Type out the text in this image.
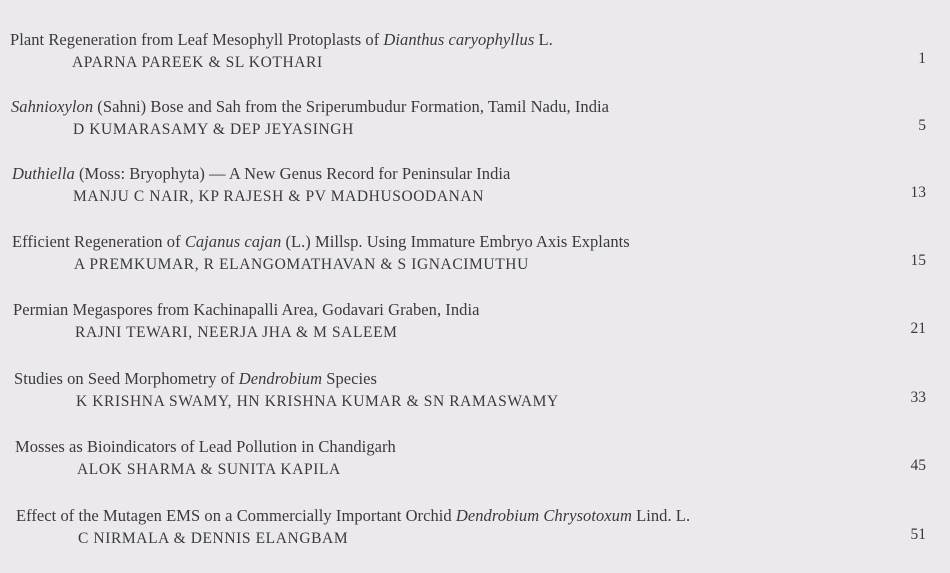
Plant Regeneration from Leaf Mesophyll Protoplasts of Dianthus caryophyllus L.
APARNA PAREEK & SL KOTHARI	1
Sahnioxylon (Sahni) Bose and Sah from the Sriperumbudur Formation, Tamil Nadu, India
D KUMARASAMY & DEP JEYASINGH	5
Duthiella (Moss: Bryophyta) — A New Genus Record for Peninsular India
MANJU C NAIR, KP RAJESH & PV MADHUSOODANAN	13
Efficient Regeneration of Cajanus cajan (L.) Millsp. Using Immature Embryo Axis Explants
A PREMKUMAR, R ELANGOMATHAVAN & S IGNACIMUTHU	15
Permian Megaspores from Kachinapalli Area, Godavari Graben, India
RAJNI TEWARI, NEERJA JHA & M SALEEM	21
Studies on Seed Morphometry of Dendrobium Species
K KRISHNA SWAMY, HN KRISHNA KUMAR & SN RAMASWAMY	33
Mosses as Bioindicators of Lead Pollution in Chandigarh
ALOK SHARMA & SUNITA KAPILA	45
Effect of the Mutagen EMS on a Commercially Important Orchid Dendrobium Chrysotoxum Lind. L.
C NIRMALA & DENNIS ELANGBAM	51
